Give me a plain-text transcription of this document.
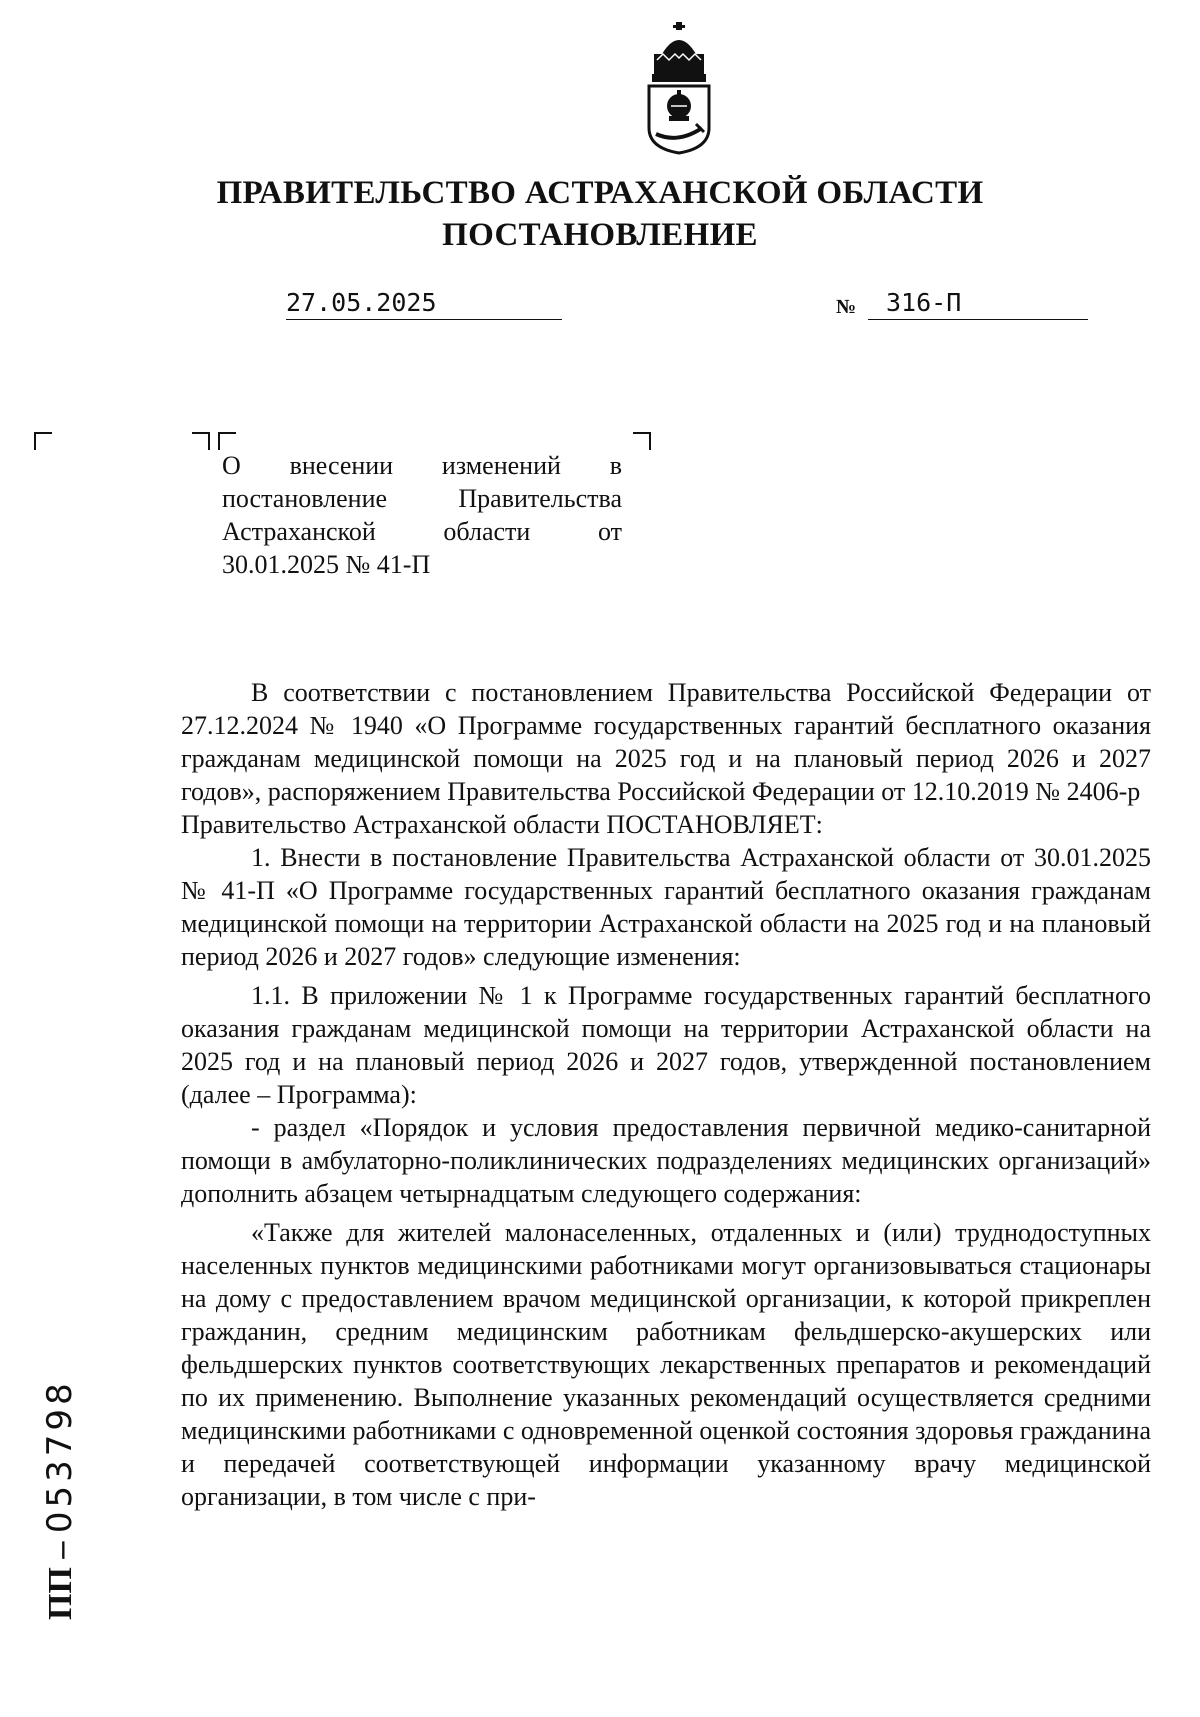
ПРАВИТЕЛЬСТВО АСТРАХАНСКОЙ ОБЛАСТИ
ПОСТАНОВЛЕНИЕ
27.05.2025	№ 316-П
О внесении изменений в постановление Правительства Астраханской области от 30.01.2025 № 41-П

В соответствии с постановлением Правительства Российской Федерации от 27.12.2024 № 1940 «О Программе государственных гарантий бесплатного оказания гражданам медицинской помощи на 2025 год и на плановый период 2026 и 2027 годов», распоряжением Правительства Российской Федерации от 12.10.2019 № 2406-р

Правительство Астраханской области ПОСТАНОВЛЯЕТ:

1. Внести в постановление Правительства Астраханской области от 30.01.2025 № 41-П «О Программе государственных гарантий бесплатного оказания гражданам медицинской помощи на территории Астраханской области на 2025 год и на плановый период 2026 и 2027 годов» следующие изменения:

1.1. В приложении № 1 к Программе государственных гарантий бесплатного оказания гражданам медицинской помощи на территории Астраханской области на 2025 год и на плановый период 2026 и 2027 годов, утвержденной постановлением (далее – Программа):

- раздел «Порядок и условия предоставления первичной медико-санитарной помощи в амбулаторно-поликлинических подразделениях медицинских организаций» дополнить абзацем четырнадцатым следующего содержания:

«Также для жителей малонаселенных, отдаленных и (или) труднодоступных населенных пунктов медицинскими работниками могут организовываться стационары на дому с предоставлением врачом медицинской организации, к которой прикреплен гражданин, средним медицинским работникам фельдшерско-акушерских или фельдшерских пунктов соответствующих лекарственных препаратов и рекомендаций по их применению. Выполнение указанных рекомендаций осуществляется средними медицинскими работниками с одновременной оценкой состояния здоровья гражданина и передачей соответствующей информации указанному врачу медицинской организации, в том числе с при-

ПП – 053798
